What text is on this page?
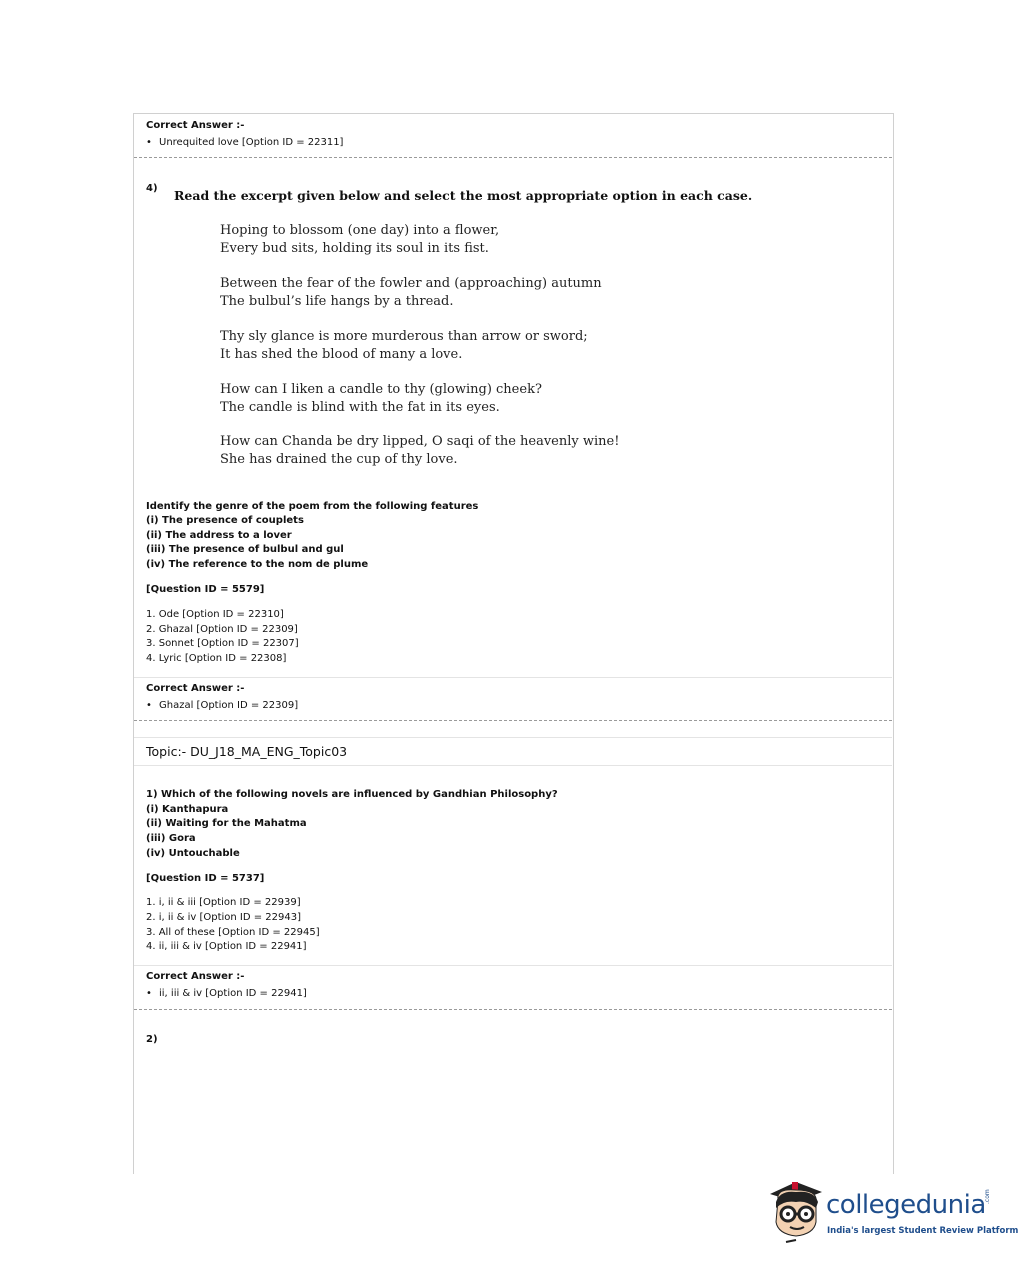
Correct Answer :-
• Unrequited love [Option ID = 22311]
4) Read the excerpt given below and select the most appropriate option in each case.
Hoping to blossom (one day) into a flower,
Every bud sits, holding its soul in its fist.
Between the fear of the fowler and (approaching) autumn
The bulbul’s life hangs by a thread.
Thy sly glance is more murderous than arrow or sword;
It has shed the blood of many a love.
How can I liken a candle to thy (glowing) cheek?
The candle is blind with the fat in its eyes.
How can Chanda be dry lipped, O saqi of the heavenly wine!
She has drained the cup of thy love.
Identify the genre of the poem from the following features
(i) The presence of couplets
(ii) The address to a lover
(iii) The presence of bulbul and gul
(iv) The reference to the nom de plume
[Question ID = 5579]
1. Ode [Option ID = 22310]
2. Ghazal [Option ID = 22309]
3. Sonnet [Option ID = 22307]
4. Lyric [Option ID = 22308]
Correct Answer :-
• Ghazal [Option ID = 22309]
Topic:- DU_J18_MA_ENG_Topic03
1) Which of the following novels are influenced by Gandhian Philosophy?
(i) Kanthapura
(ii) Waiting for the Mahatma
(iii) Gora
(iv) Untouchable
[Question ID = 5737]
1. i, ii & iii [Option ID = 22939]
2. i, ii & iv [Option ID = 22943]
3. All of these [Option ID = 22945]
4. ii, iii & iv [Option ID = 22941]
Correct Answer :-
• ii, iii & iv [Option ID = 22941]
2)
collegedunia
.com
India's largest Student Review Platform
